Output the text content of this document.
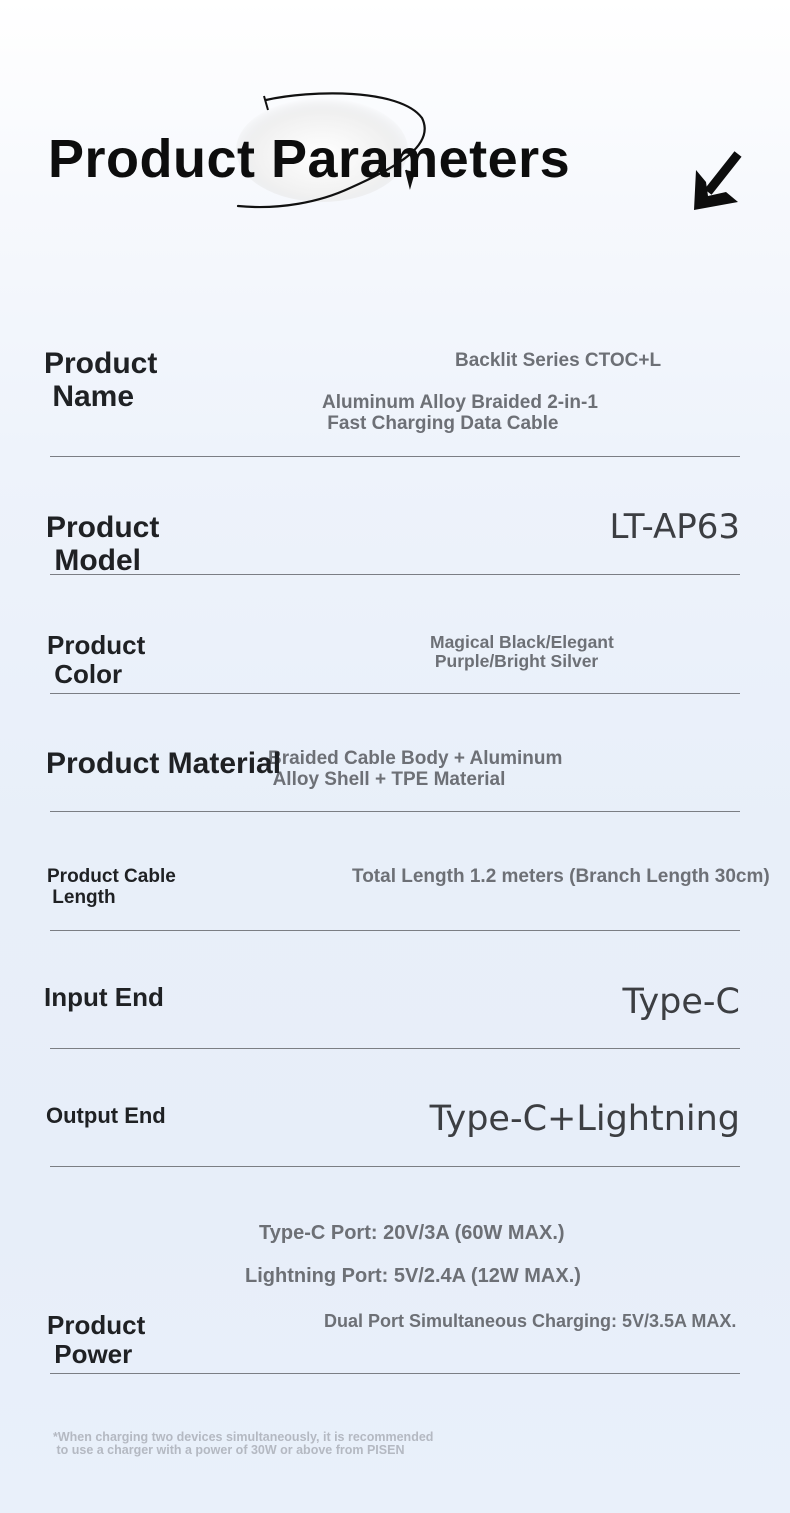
Product Parameters
Product
Name
Backlit Series CTOC+L
Aluminum Alloy Braided 2-in-1
Fast Charging Data Cable
Product
Model
LT-AP63
Product
Color
Magical Black/Elegant
Purple/Bright Silver
Product Material
Braided Cable Body + Aluminum
Alloy Shell + TPE Material
Product Cable
Length
Total Length 1.2 meters (Branch Length 30cm)
Input End	Type-C
Output End	Type-C+Lightning
Type-C Port: 20V/3A (60W MAX.)
Lightning Port: 5V/2.4A (12W MAX.)
Dual Port Simultaneous Charging: 5V/3.5A MAX.
Product
Power
*When charging two devices simultaneously, it is recommended
to use a charger with a power of 30W or above from PISEN
